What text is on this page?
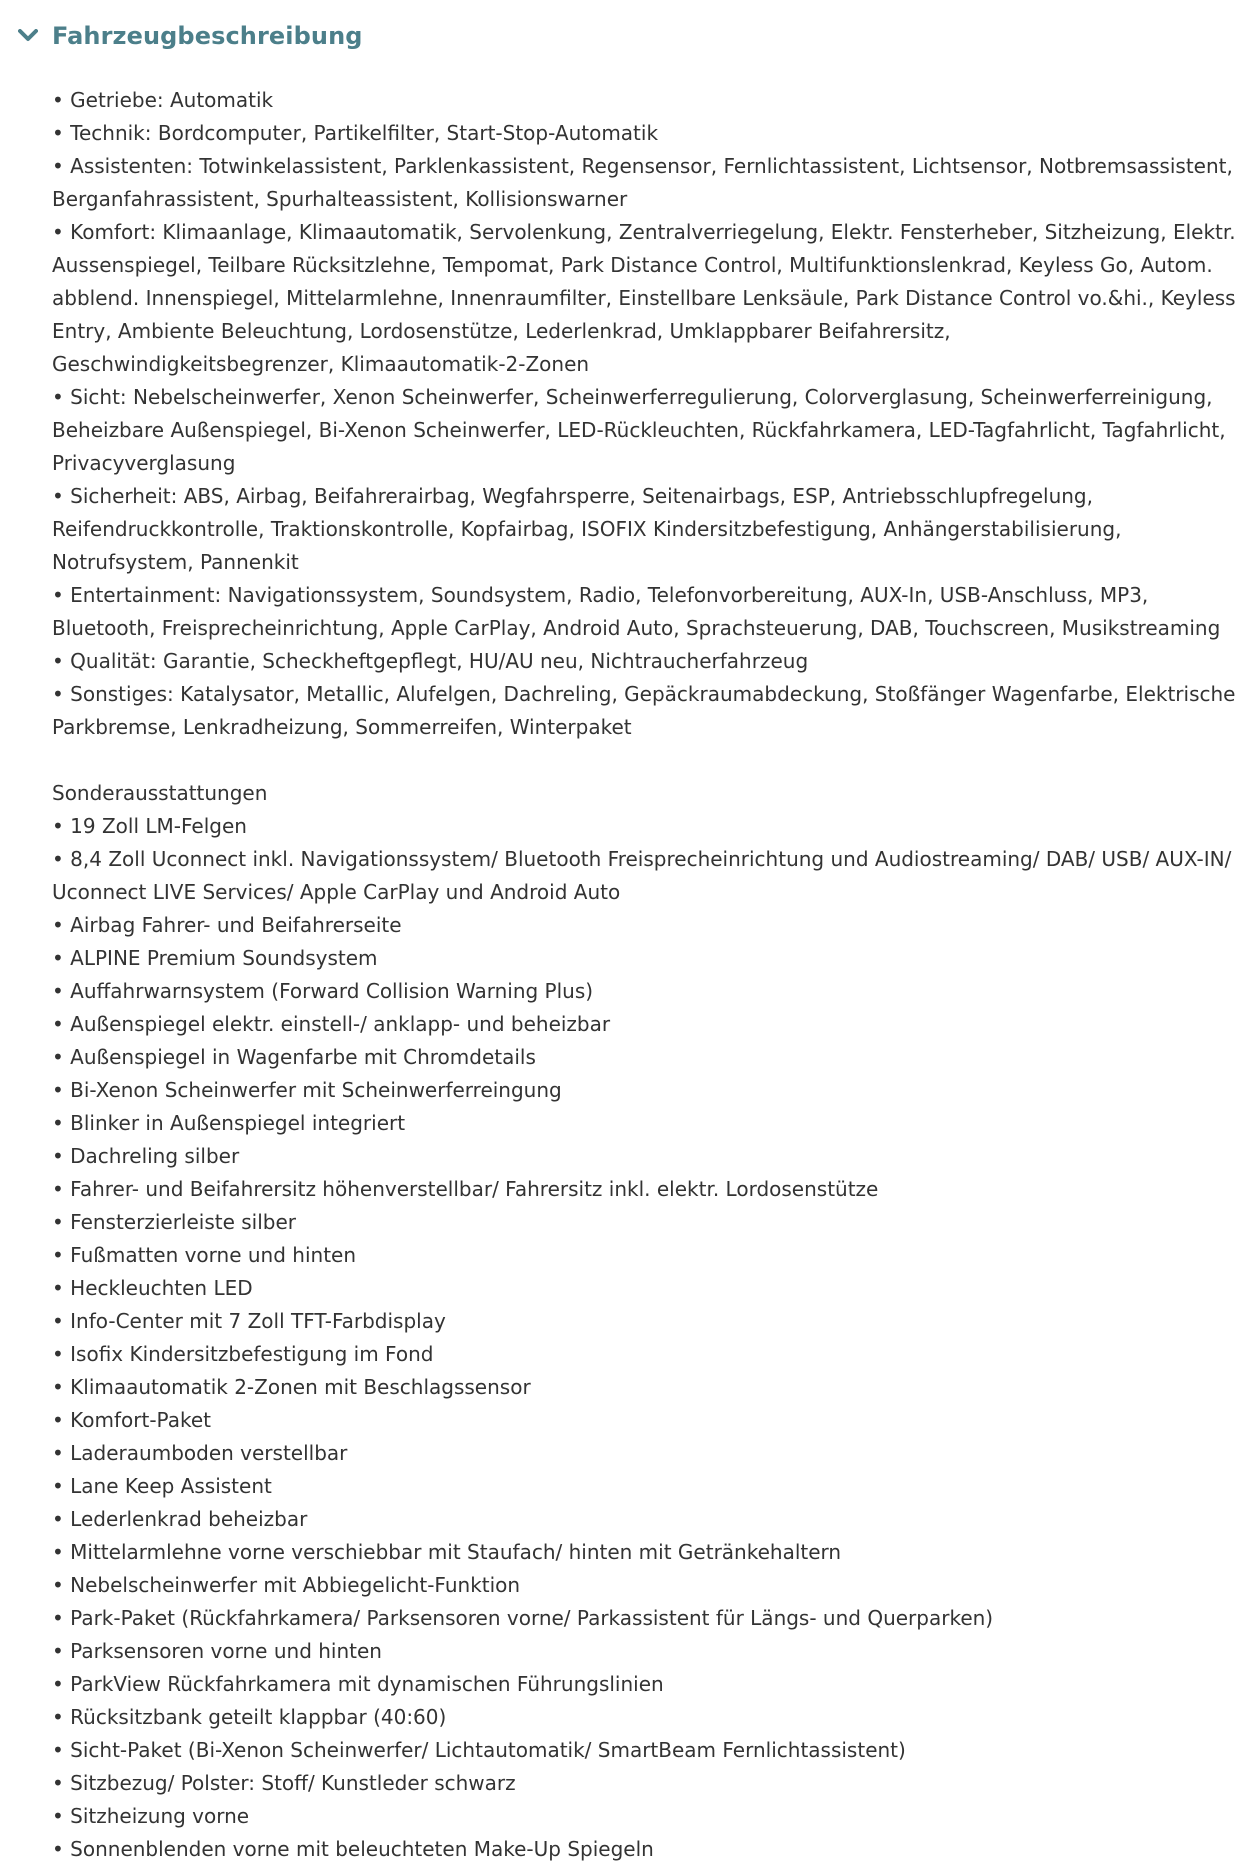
Fahrzeugbeschreibung

• Getriebe: Automatik

• Technik: Bordcomputer, Partikelfilter, Start-Stop-Automatik

• Assistenten: Totwinkelassistent, Parklenkassistent, Regensensor, Fernlichtassistent, Lichtsensor, Notbremsassistent, Berganfahrassistent, Spurhalteassistent, Kollisionswarner

• Komfort: Klimaanlage, Klimaautomatik, Servolenkung, Zentralverriegelung, Elektr. Fensterheber, Sitzheizung, Elektr. Aussenspiegel, Teilbare Rücksitzlehne, Tempomat, Park Distance Control, Multifunktionslenkrad, Keyless Go, Autom. abblend. Innenspiegel, Mittelarmlehne, Innenraumfilter, Einstellbare Lenksäule, Park Distance Control vo.&hi., Keyless Entry, Ambiente Beleuchtung, Lordosenstütze, Lederlenkrad, Umklappbarer Beifahrersitz, Geschwindigkeitsbegrenzer, Klimaautomatik-2-Zonen

• Sicht: Nebelscheinwerfer, Xenon Scheinwerfer, Scheinwerferregulierung, Colorverglasung, Scheinwerferreinigung, Beheizbare Außenspiegel, Bi-Xenon Scheinwerfer, LED-Rückleuchten, Rückfahrkamera, LED-Tagfahrlicht, Tagfahrlicht, Privacyverglasung

• Sicherheit: ABS, Airbag, Beifahrerairbag, Wegfahrsperre, Seitenairbags, ESP, Antriebsschlupfregelung, Reifendruckkontrolle, Traktionskontrolle, Kopfairbag, ISOFIX Kindersitzbefestigung, Anhängerstabilisierung, Notrufsystem, Pannenkit

• Entertainment: Navigationssystem, Soundsystem, Radio, Telefonvorbereitung, AUX-In, USB-Anschluss, MP3, Bluetooth, Freisprecheinrichtung, Apple CarPlay, Android Auto, Sprachsteuerung, DAB, Touchscreen, Musikstreaming

• Qualität: Garantie, Scheckheftgepflegt, HU/AU neu, Nichtraucherfahrzeug

• Sonstiges: Katalysator, Metallic, Alufelgen, Dachreling, Gepäckraumabdeckung, Stoßfänger Wagenfarbe, Elektrische Parkbremse, Lenkradheizung, Sommerreifen, Winterpaket

Sonderausstattungen

• 19 Zoll LM-Felgen

• 8,4 Zoll Uconnect inkl. Navigationssystem/ Bluetooth Freisprecheinrichtung und Audiostreaming/ DAB/ USB/ AUX-IN/ Uconnect LIVE Services/ Apple CarPlay und Android Auto

• Airbag Fahrer- und Beifahrerseite

• ALPINE Premium Soundsystem

• Auffahrwarnsystem (Forward Collision Warning Plus)

• Außenspiegel elektr. einstell-/ anklapp- und beheizbar

• Außenspiegel in Wagenfarbe mit Chromdetails

• Bi-Xenon Scheinwerfer mit Scheinwerferreingung

• Blinker in Außenspiegel integriert

• Dachreling silber

• Fahrer- und Beifahrersitz höhenverstellbar/ Fahrersitz inkl. elektr. Lordosenstütze

• Fensterzierleiste silber

• Fußmatten vorne und hinten

• Heckleuchten LED

• Info-Center mit 7 Zoll TFT-Farbdisplay

• Isofix Kindersitzbefestigung im Fond

• Klimaautomatik 2-Zonen mit Beschlagssensor

• Komfort-Paket

• Laderaumboden verstellbar

• Lane Keep Assistent

• Lederlenkrad beheizbar

• Mittelarmlehne vorne verschiebbar mit Staufach/ hinten mit Getränkehaltern

• Nebelscheinwerfer mit Abbiegelicht-Funktion

• Park-Paket (Rückfahrkamera/ Parksensoren vorne/ Parkassistent für Längs- und Querparken)

• Parksensoren vorne und hinten

• ParkView Rückfahrkamera mit dynamischen Führungslinien

• Rücksitzbank geteilt klappbar (40:60)

• Sicht-Paket (Bi-Xenon Scheinwerfer/ Lichtautomatik/ SmartBeam Fernlichtassistent)

• Sitzbezug/ Polster: Stoff/ Kunstleder schwarz

• Sitzheizung vorne

• Sonnenblenden vorne mit beleuchteten Make-Up Spiegeln
